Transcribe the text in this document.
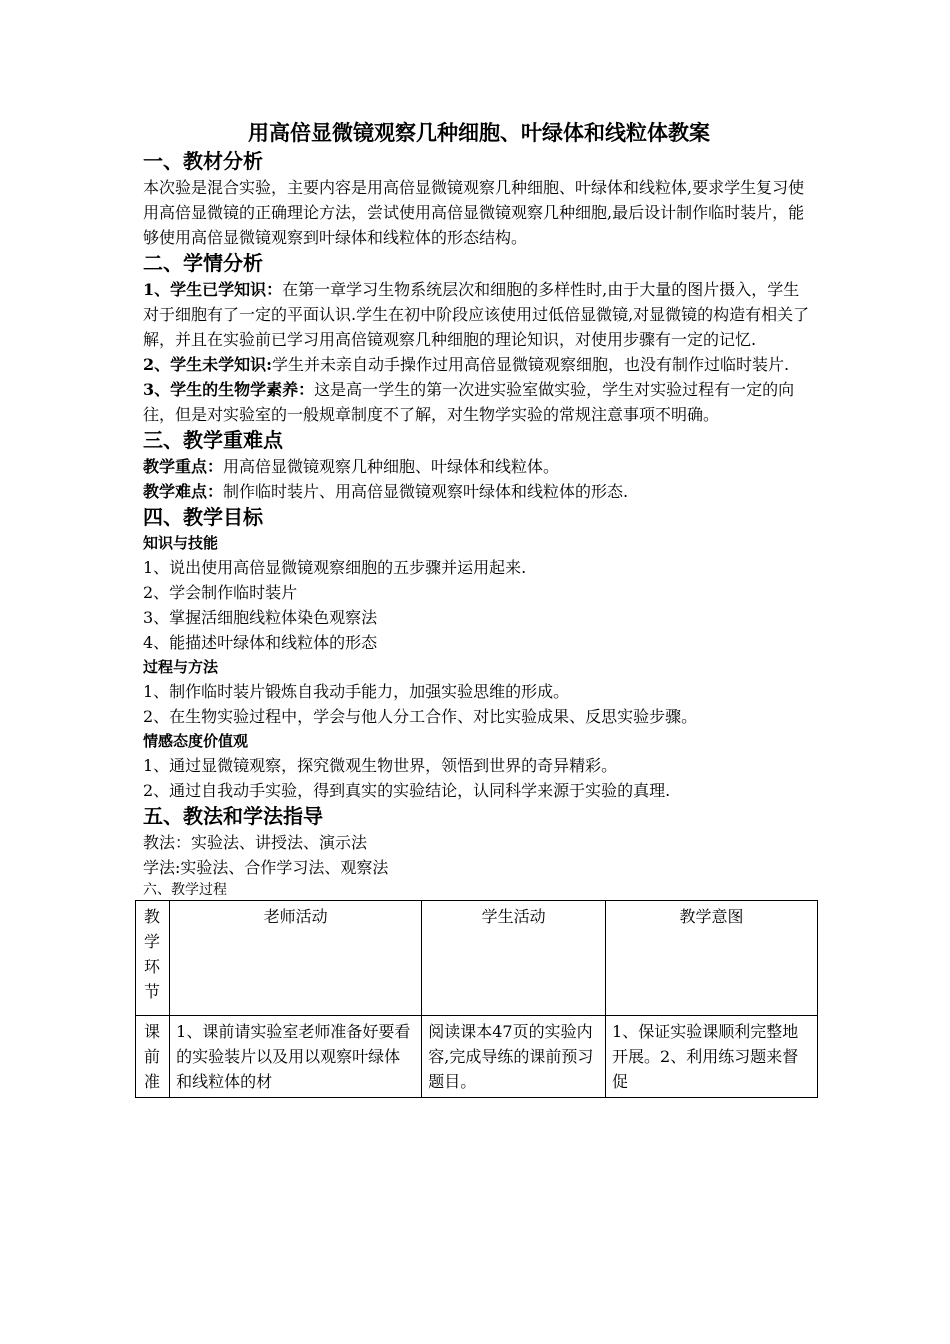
用高倍显微镜观察几种细胞、叶绿体和线粒体教案
一、教材分析

本次验是混合实验，主要内容是用高倍显微镜观察几种细胞、叶绿体和线粒体,要求学生复习使用高倍显微镜的正确理论方法，尝试使用高倍显微镜观察几种细胞,最后设计制作临时装片，能够使用高倍显微镜观察到叶绿体和线粒体的形态结构。

二、学情分析

1、学生已学知识：在第一章学习生物系统层次和细胞的多样性时,由于大量的图片摄入，学生对于细胞有了一定的平面认识.学生在初中阶段应该使用过低倍显微镜,对显微镜的构造有相关了解，并且在实验前已学习用高倍镜观察几种细胞的理论知识，对使用步骤有一定的记忆.

2、学生未学知识:学生并未亲自动手操作过用高倍显微镜观察细胞，也没有制作过临时装片.

3、学生的生物学素养：这是高一学生的第一次进实验室做实验，学生对实验过程有一定的向往，但是对实验室的一般规章制度不了解，对生物学实验的常规注意事项不明确。

三、教学重难点

教学重点：用高倍显微镜观察几种细胞、叶绿体和线粒体。

教学难点：制作临时装片、用高倍显微镜观察叶绿体和线粒体的形态.

四、教学目标
知识与技能

1、说出使用高倍显微镜观察细胞的五步骤并运用起来.

2、学会制作临时装片

3、掌握活细胞线粒体染色观察法

4、能描述叶绿体和线粒体的形态

过程与方法

1、制作临时装片锻炼自我动手能力，加强实验思维的形成。

2、在生物实验过程中，学会与他人分工合作、对比实验成果、反思实验步骤。

情感态度价值观

1、通过显微镜观察，探究微观生物世界，领悟到世界的奇异精彩。

2、通过自我动手实验，得到真实的实验结论，认同科学来源于实验的真理.

五、教法和学法指导

教法：实验法、讲授法、演示法

学法:实验法、合作学习法、观察法

六、教学过程

教学环节	老师活动	学生活动	教学意图
课前准	1、课前请实验室老师准备好要看的实验装片以及用以观察叶绿体和线粒体的材	阅读课本47页的实验内容,完成导练的课前预习题目。	1、保证实验课顺利完整地开展。2、利用练习题来督促
